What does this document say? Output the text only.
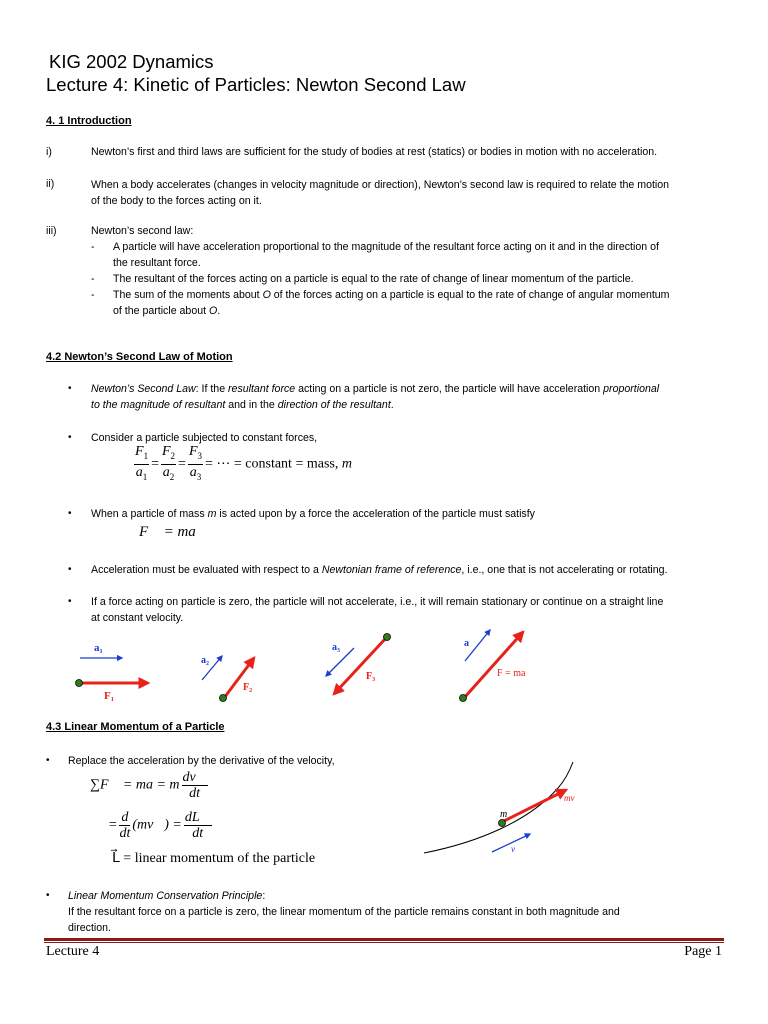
KIG 2002 Dynamics
Lecture 4: Kinetic of Particles: Newton Second Law
4. 1 Introduction
i)	Newton’s first and third laws are sufficient for the study of bodies at rest (statics) or bodies in motion with no acceleration.
ii)	When a body accelerates (changes in velocity magnitude or direction), Newton’s second law is required to relate the motion
of the body to the forces acting on it.
iii)	Newton’s second law:
- A particle will have acceleration proportional to the magnitude of the resultant force acting on it and in the direction of
the resultant force.
- The resultant of the forces acting on a particle is equal to the rate of change of linear momentum of the particle.
- The sum of the moments about O of the forces acting on a particle is equal to the rate of change of angular momentum
of the particle about O.
4.2 Newton’s Second Law of Motion
• Newton’s Second Law: If the resultant force acting on a particle is not zero, the particle will have acceleration proportional
to the magnitude of resultant and in the direction of the resultant.
• Consider a particle subjected to constant forces,
$\frac{F_1}{a_1} = \frac{F_2}{a_2} = \frac{F_3}{a_3}$ = ⋯ = constant = mass, m
• When a particle of mass m is acted upon by a force the acceleration of the particle must satisfy
F⃗ = ma⃗
• Acceleration must be evaluated with respect to a Newtonian frame of reference, i.e., one that is not accelerating or rotating.
• If a force acting on particle is zero, the particle will not accelerate, i.e., it will remain stationary or continue on a straight line
at constant velocity.
a₁
F₁
a₂
F₂
a₃
F₃
a
F = ma
4.3 Linear Momentum of a Particle
• Replace the acceleration by the derivative of the velocity,
∑F⃗ = ma = m $\frac{dv⃗}{dt}$
= $\frac{d}{dt}$ (mv⃗) = $\frac{dL⃗}{dt}$
L⃗ = linear momentum of the particle
m
mv
v
• Linear Momentum Conservation Principle:
If the resultant force on a particle is zero, the linear momentum of the particle remains constant in both magnitude and
direction.
Lecture 4	Page 1
